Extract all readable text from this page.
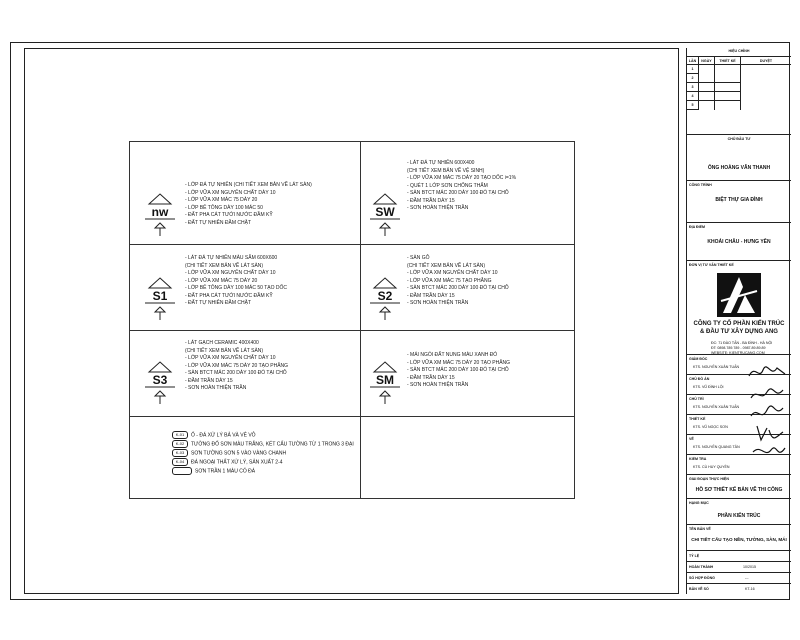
nw
- LỚP ĐÁ TỰ NHIÊN (CHI TIẾT XEM BẢN VẼ LÁT SÀN)
- LỚP VỮA XM NGUYÊN CHẤT DÀY 10
- LỚP VỮA XM MÁC 75 DÀY 20
- LỚP BÊ TÔNG DÀY 100 MÁC 50
- ĐẤT PHA CÁT TƯỚI NƯỚC ĐẦM KỸ
- ĐẤT TỰ NHIÊN ĐẦM CHẶT
SW
- LÁT ĐÁ TỰ NHIÊN 600X400
(CHI TIẾT XEM BẢN VẼ VỆ SINH)
- LỚP VỮA XM MÁC 75 DÀY 20 TẠO DỐC i=1%
- QUÉT 1 LỚP SƠN CHỐNG THẤM
- SÀN BTCT MÁC 200 DÀY 100 ĐỔ TẠI CHỖ
- ĐẦM TRẦN DÀY 15
- SƠN HOÀN THIỆN TRẦN
S1
- LÁT ĐÁ TỰ NHIÊN MÀU SẪM 600X600
(CHI TIẾT XEM BẢN VẼ LÁT SÀN)
- LỚP VỮA XM NGUYÊN CHẤT DÀY 10
- LỚP VỮA XM MÁC 75 DÀY 20
- LỚP BÊ TÔNG DÀY 100 MÁC 50 TẠO DỐC
- ĐẤT PHA CÁT TƯỚI NƯỚC ĐẦM KỸ
- ĐẤT TỰ NHIÊN ĐẦM CHẶT	S2
- SÀN GỖ
(CHI TIẾT XEM BẢN VẼ LÁT SÀN)
- LỚP VỮA XM NGUYÊN CHẤT DÀY 10
- LỚP VỮA XM MÁC 75 TẠO PHẲNG
- SÀN BTCT MÁC 200 DÀY 100 ĐỔ TẠI CHỖ
- ĐẦM TRẦN DÀY 15
- SƠN HOÀN THIỆN TRẦN
S3
- LÁT GẠCH CERAMIC 400X400
(CHI TIẾT XEM BẢN VẼ LÁT SÀN)
- LỚP VỮA XM NGUYÊN CHẤT DÀY 10
- LỚP VỮA XM MÁC 75 DÀY 20 TẠO PHẲNG
- SÀN BTCT MÁC 200 DÀY 100 ĐỔ TẠI CHỖ
- ĐẦM TRẦN DÀY 15
- SƠN HOÀN THIỆN TRẦN
SM
- MÁI NGÓI ĐẤT NUNG MÀU XANH ĐỎ
- LỚP VỮA XM MÁC 75 DÀY 20 TẠO PHẲNG
- SÀN BTCT MÁC 200 DÀY 100 ĐỔ TẠI CHỖ
- ĐẦM TRẦN DÀY 15
- SƠN HOÀN THIỆN TRẦN
K-01 Ố - ĐÁ XỬ LÝ BẢ VÀ VẺ VÔ
K-02 TƯỜNG ĐỐ SƠN MÀU TRẮNG, KÉT CẤU TƯỜNG TỪ 1 TRONG 3 ĐẠI
K-03 SƠN TƯỜNG SƠN 5 VÀO VÀNG CHANH
K-04 ĐÁ NGOẠI THẤT XỬ LÝ, SẢN XUẤT 2-4
SƠN TRẦN 1 MÀU CÓ ĐÁ
HIỆU CHỈNH
LẦN	NGÀY	THIẾT KẾ	DUYỆT
1
2
3
4
5
CHỦ ĐẦU TƯ
ÔNG HOÀNG VĂN THANH
CÔNG TRÌNH
BIỆT THỰ GIA ĐÌNH
ĐỊA ĐIỂM
KHOÁI CHÂU - HƯNG YÊN
ĐƠN VỊ TƯ VẤN THIẾT KẾ
CÔNG TY CỔ PHẦN KIẾN TRÚC
& ĐẦU TƯ XÂY DỰNG ANG
ĐC: 71 ĐÀO TẤN - BA ĐÌNH - HÀ NỘI
ĐT: 0898.789.789 - 0987.89.89.89
WEBSITE: KIENTRUCANG.COM
GIÁM ĐỐC
KTS. NGUYỄN XUÂN TUẤN
CHỦ ĐỒ ÁN
KTS. VŨ ĐÌNH LỘI
CHỦ TRÌ
KTS. NGUYỄN XUÂN TUẤN
THIẾT KẾ
KTS. VŨ NGỌC SƠN
VẼ
KTS. NGUYỄN QUANG TÂN
KIỂM TRA
KTS. CÙ HUY QUYỀN
GIAI ĐOẠN THỰC HIỆN
HỒ SƠ THIẾT KẾ BẢN VẼ THI CÔNG
HẠNG MỤC
PHẦN KIẾN TRÚC
TÊN BẢN VẼ
CHI TIẾT CẤU TẠO NỀN, TƯỜNG, SÀN, MÁI
TỶ LỆ
HOÀN THÀNH	10/2015
SỐ HỢP ĐỒNG	---
BẢN VẼ SỐ	KT-16
